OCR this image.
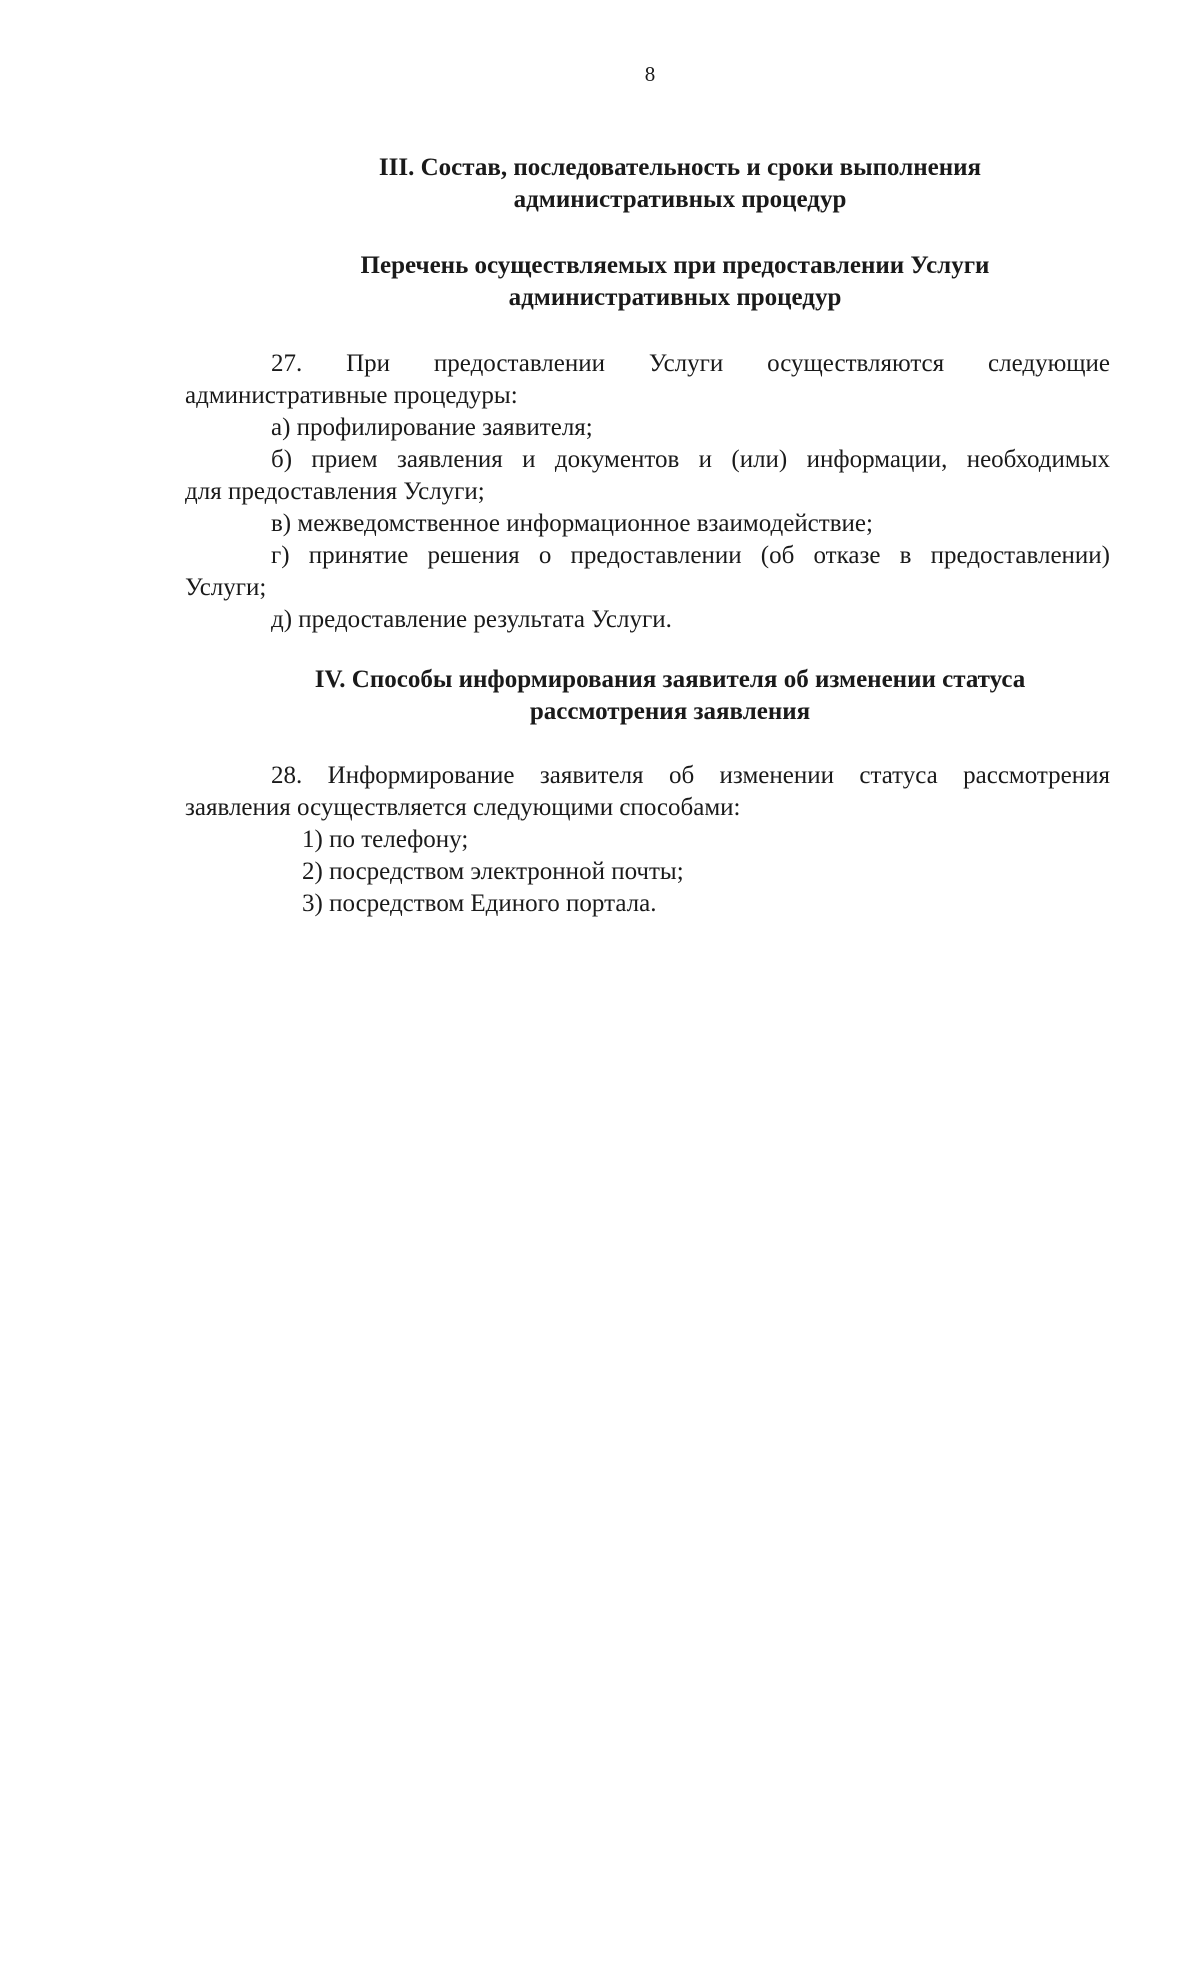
8
III. Состав, последовательность и сроки выполнения
административных процедур
Перечень осуществляемых при предоставлении Услуги
административных процедур
27. При предоставлении Услуги осуществляются следующие
административные процедуры:
а) профилирование заявителя;
б) прием заявления и документов и (или) информации, необходимых
для предоставления Услуги;
в) межведомственное информационное взаимодействие;
г) принятие решения о предоставлении (об отказе в предоставлении)
Услуги;
д) предоставление результата Услуги.
IV. Способы информирования заявителя об изменении статуса
рассмотрения заявления
28. Информирование заявителя об изменении статуса рассмотрения
заявления осуществляется следующими способами:
1) по телефону;
2) посредством электронной почты;
3) посредством Единого портала.
